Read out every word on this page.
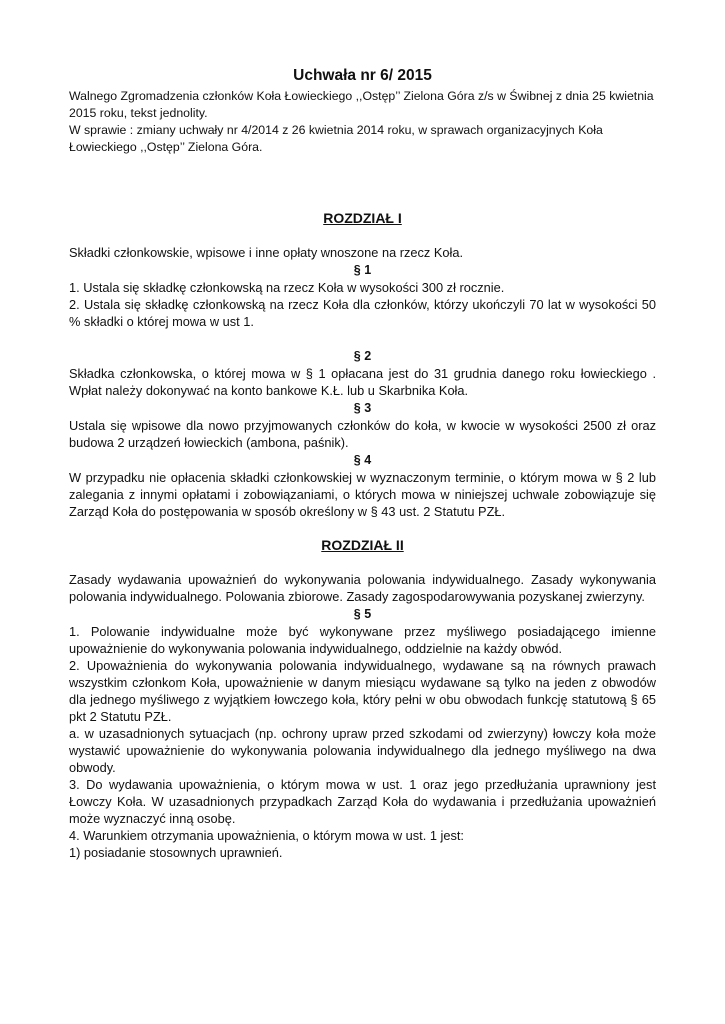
Uchwała nr 6/ 2015

Walnego Zgromadzenia członków Koła Łowieckiego ,,Ostęp’’ Zielona Góra z/s w Świbnej z dnia 25 kwietnia 2015 roku, tekst jednolity.

W sprawie : zmiany uchwały nr 4/2014 z 26 kwietnia 2014 roku, w sprawach organizacyjnych Koła Łowieckiego ,,Ostęp’’ Zielona Góra.

ROZDZIAŁ I

Składki członkowskie, wpisowe i inne opłaty wnoszone na rzecz Koła.

§ 1

1. Ustala się składkę członkowską na rzecz Koła w wysokości 300 zł rocznie.

2. Ustala się składkę członkowską na rzecz Koła dla członków, którzy ukończyli 70 lat w wysokości 50 % składki o której mowa w ust 1.

§ 2

Składka członkowska, o której mowa w § 1 opłacana jest do 31 grudnia danego roku łowieckiego . Wpłat należy dokonywać na konto bankowe K.Ł. lub u Skarbnika Koła.

§ 3

Ustala się wpisowe dla nowo przyjmowanych członków do koła, w kwocie w wysokości 2500 zł oraz budowa 2 urządzeń łowieckich (ambona, paśnik).

§ 4

W przypadku nie opłacenia składki członkowskiej w wyznaczonym terminie, o którym mowa w § 2 lub zalegania z innymi opłatami i zobowiązaniami, o których mowa w niniejszej uchwale zobowiązuje się Zarząd Koła do postępowania w sposób określony w § 43 ust. 2 Statutu PZŁ.

ROZDZIAŁ II

Zasady wydawania upoważnień do wykonywania polowania indywidualnego. Zasady wykonywania polowania indywidualnego. Polowania zbiorowe. Zasady zagospodarowywania pozyskanej zwierzyny.

§ 5

1. Polowanie indywidualne może być wykonywane przez myśliwego posiadającego imienne upoważnienie do wykonywania polowania indywidualnego, oddzielnie na każdy obwód.

2. Upoważnienia do wykonywania polowania indywidualnego, wydawane są na równych prawach wszystkim członkom Koła, upoważnienie w danym miesiącu wydawane są tylko na jeden z obwodów dla jednego myśliwego z wyjątkiem łowczego koła, który pełni w obu obwodach funkcję statutową § 65 pkt 2 Statutu PZŁ.

a. w uzasadnionych sytuacjach (np. ochrony upraw przed szkodami od zwierzyny) łowczy koła może wystawić upoważnienie do wykonywania polowania indywidualnego dla jednego myśliwego na dwa obwody.

3. Do wydawania upoważnienia, o którym mowa w ust. 1 oraz jego przedłużania uprawniony jest Łowczy Koła. W uzasadnionych przypadkach Zarząd Koła do wydawania i przedłużania upoważnień może wyznaczyć inną osobę.

4. Warunkiem otrzymania upoważnienia, o którym mowa w ust. 1 jest:

1) posiadanie stosownych uprawnień.
